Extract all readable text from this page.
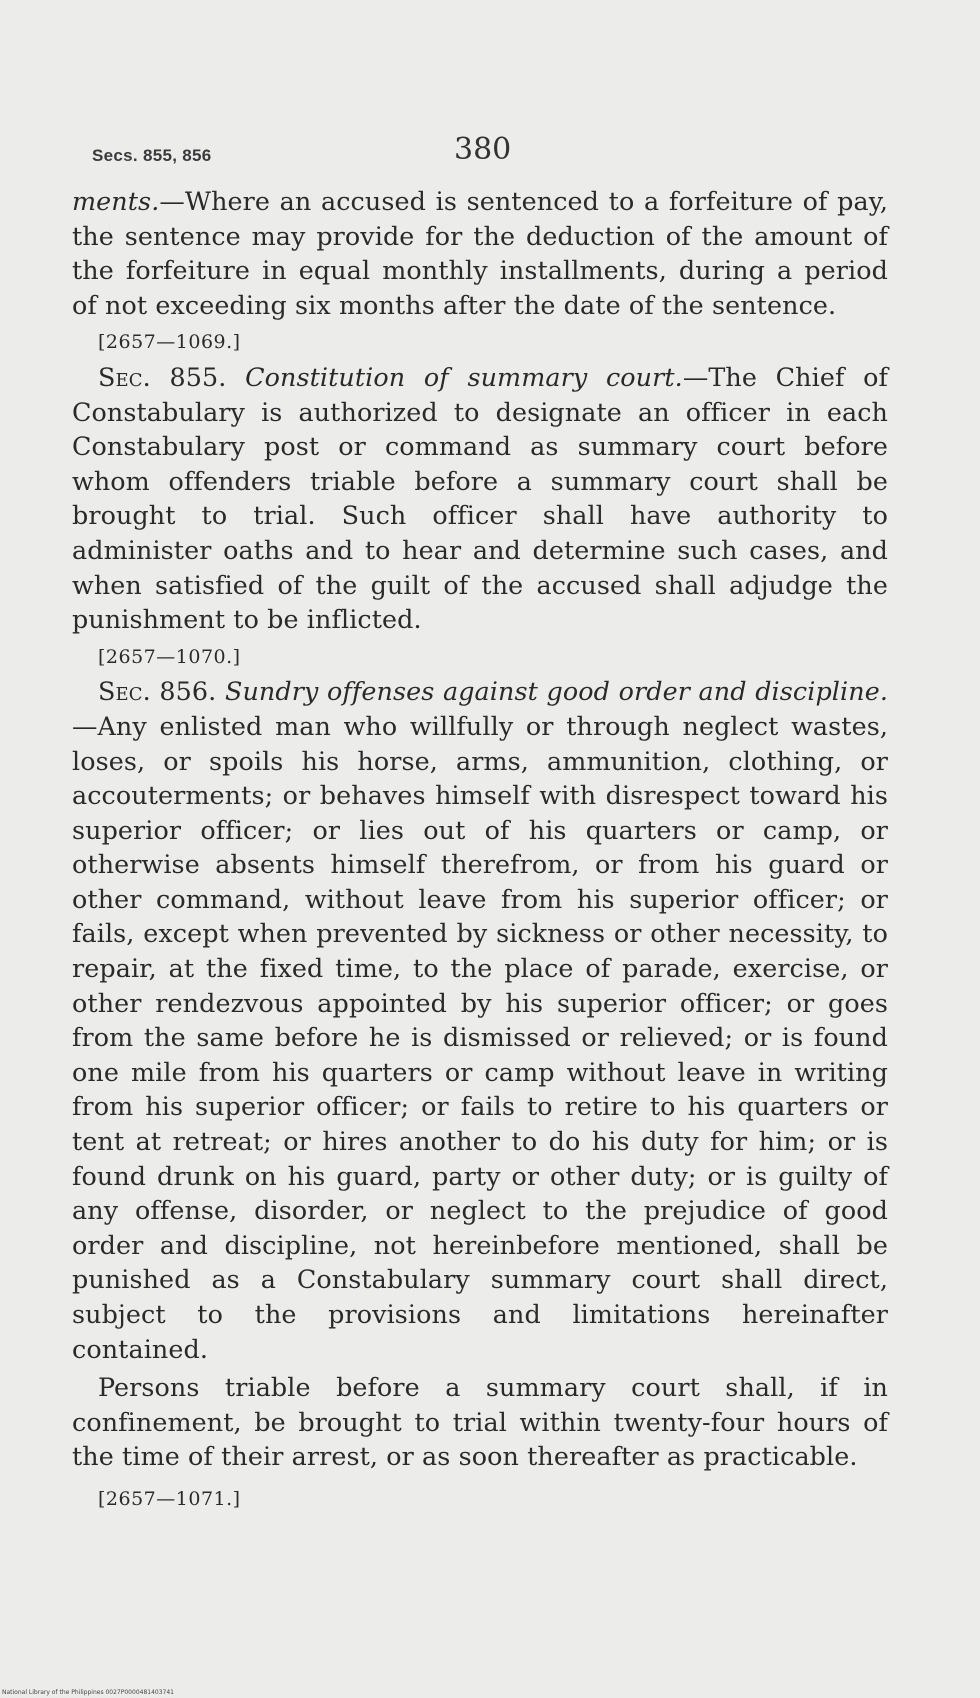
Secs. 855, 856	380

ments.—Where an accused is sentenced to a forfeiture of pay, the sentence may provide for the deduction of the amount of the forfeiture in equal monthly installments, during a period of not exceeding six months after the date of the sentence.

[2657—1069.]

Sec. 855. Constitution of summary court.—The Chief of Constabulary is authorized to designate an officer in each Constabulary post or command as summary court before whom offenders triable before a summary court shall be brought to trial. Such officer shall have authority to administer oaths and to hear and determine such cases, and when satisfied of the guilt of the accused shall adjudge the punishment to be inflicted.

[2657—1070.]

Sec. 856. Sundry offenses against good order and discipline.—Any enlisted man who willfully or through neglect wastes, loses, or spoils his horse, arms, ammunition, clothing, or accouterments; or behaves himself with disrespect toward his superior officer; or lies out of his quarters or camp, or otherwise absents himself therefrom, or from his guard or other command, without leave from his superior officer; or fails, except when prevented by sickness or other necessity, to repair, at the fixed time, to the place of parade, exercise, or other rendezvous appointed by his superior officer; or goes from the same before he is dismissed or relieved; or is found one mile from his quarters or camp without leave in writing from his superior officer; or fails to retire to his quarters or tent at retreat; or hires another to do his duty for him; or is found drunk on his guard, party or other duty; or is guilty of any offense, disorder, or neglect to the prejudice of good order and discipline, not hereinbefore mentioned, shall be punished as a Constabulary summary court shall direct, subject to the provisions and limitations hereinafter contained.

Persons triable before a summary court shall, if in confinement, be brought to trial within twenty-four hours of the time of their arrest, or as soon thereafter as practicable.

[2657—1071.]

National Library of the Philippines 0027P0000481403741
